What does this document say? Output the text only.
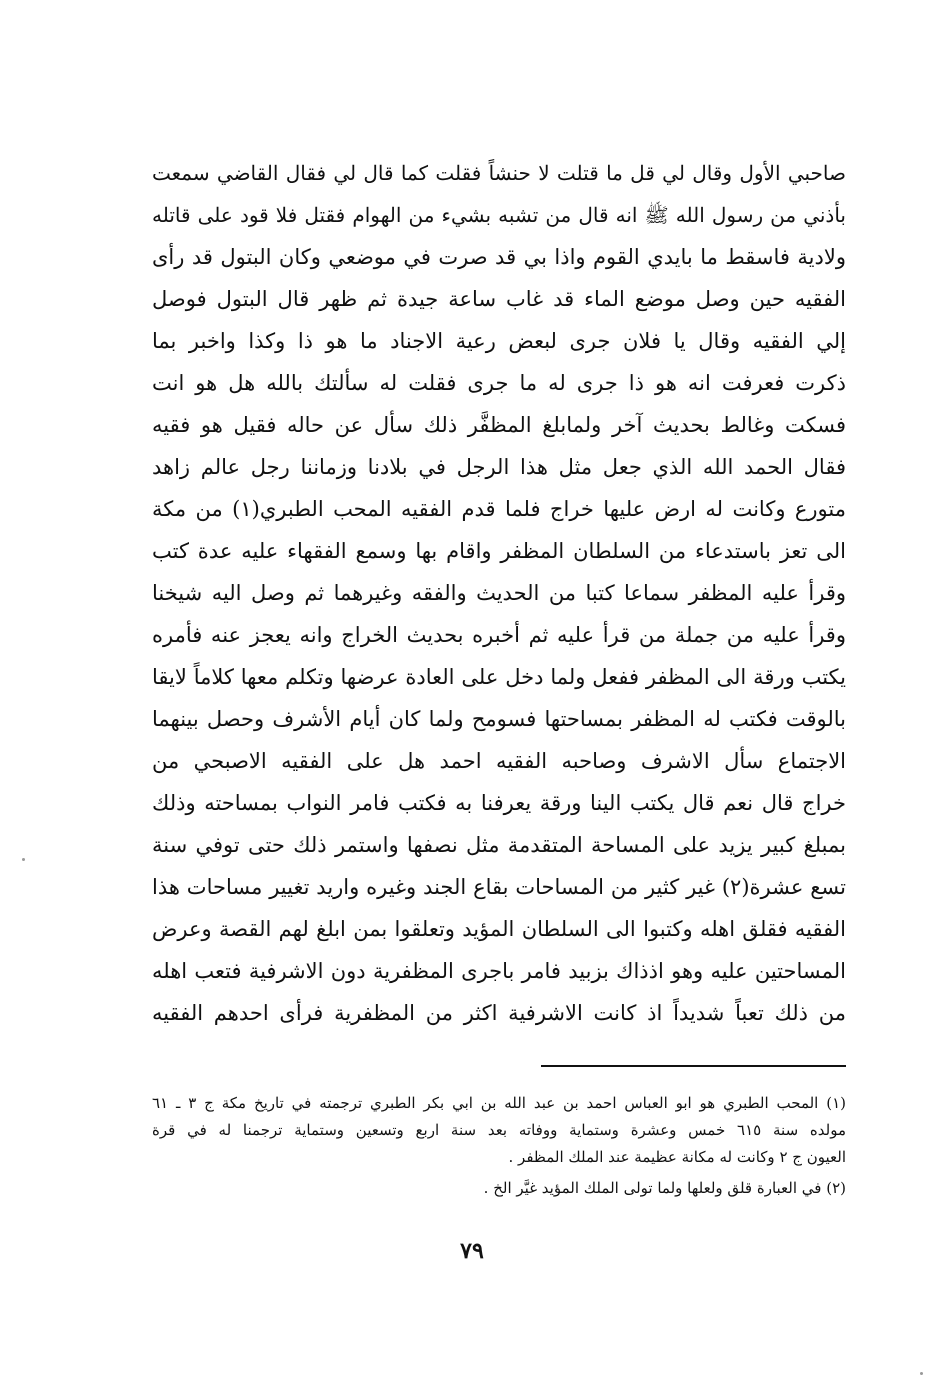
صاحبي الأول وقال لي قل ما قتلت لا حنشاً فقلت كما قال لي فقال القاضي سمعت
بأذني من رسول الله ﷺ انه قال من تشبه بشيء من الهوام فقتل فلا قود على قاتله
ولادية فاسقط ما بايدي القوم واذا بي قد صرت في موضعي وكان البتول قد رأى
الفقيه حين وصل موضع الماء قد غاب ساعة جيدة ثم ظهر قال البتول فوصل
إلي الفقيه وقال يا فلان جرى لبعض رعية الاجناد ما هو ذا وكذا واخبر بما
ذكرت فعرفت انه هو ذا جرى له ما جرى فقلت له سألتك بالله هل هو انت
فسكت وغالط بحديث آخر ولمابلغ المظفَّر ذلك سأل عن حاله فقيل هو فقيه
فقال الحمد الله الذي جعل مثل هذا الرجل في بلادنا وزماننا رجل عالم زاهد
متورع وكانت له ارض عليها خراج فلما قدم الفقيه المحب الطبري(١) من مكة
الى تعز باستدعاء من السلطان المظفر واقام بها وسمع الفقهاء عليه عدة كتب
وقرأ عليه المظفر سماعا كتبا من الحديث والفقه وغيرهما ثم وصل اليه شيخنا
وقرأ عليه من جملة من قرأ عليه ثم أخبره بحديث الخراج وانه يعجز عنه فأمره
يكتب ورقة الى المظفر ففعل ولما دخل على العادة عرضها وتكلم معها كلاماً لايقا
بالوقت فكتب له المظفر بمساحتها فسومح ولما كان أيام الأشرف وحصل بينهما
الاجتماع سأل الاشرف وصاحبه الفقيه احمد هل على الفقيه الاصبحي من
خراج قال نعم قال يكتب الينا ورقة يعرفنا به فكتب فامر النواب بمساحته وذلك
بمبلغ كبير يزيد على المساحة المتقدمة مثل نصفها واستمر ذلك حتى توفي سنة
تسع عشرة(٢) غير كثير من المساحات بقاع الجند وغيره واريد تغيير مساحات هذا
الفقيه فقلق اهله وكتبوا الى السلطان المؤيد وتعلقوا بمن ابلغ لهم القصة وعرض
المساحتين عليه وهو اذذاك بزبيد فامر باجرى المظفرية دون الاشرفية فتعب اهله
من ذلك تعباً شديداً اذ كانت الاشرفية اكثر من المظفرية فرأى احدهم الفقيه
(١) المحب الطبري هو ابو العباس احمد بن عبد الله بن ابي بكر الطبري ترجمته في تاريخ مكة ج ٣ ـ ٦١
مولده سنة ٦١٥ خمس وعشرة وستماية ووفاته بعد سنة اربع وتسعين وستماية ترجمنا له في قرة
العيون ج ٢ وكانت له مكانة عظيمة عند الملك المظفر .
(٢) في العبارة قلق ولعلها ولما تولى الملك المؤيد غيَّر الخ .
٧٩
